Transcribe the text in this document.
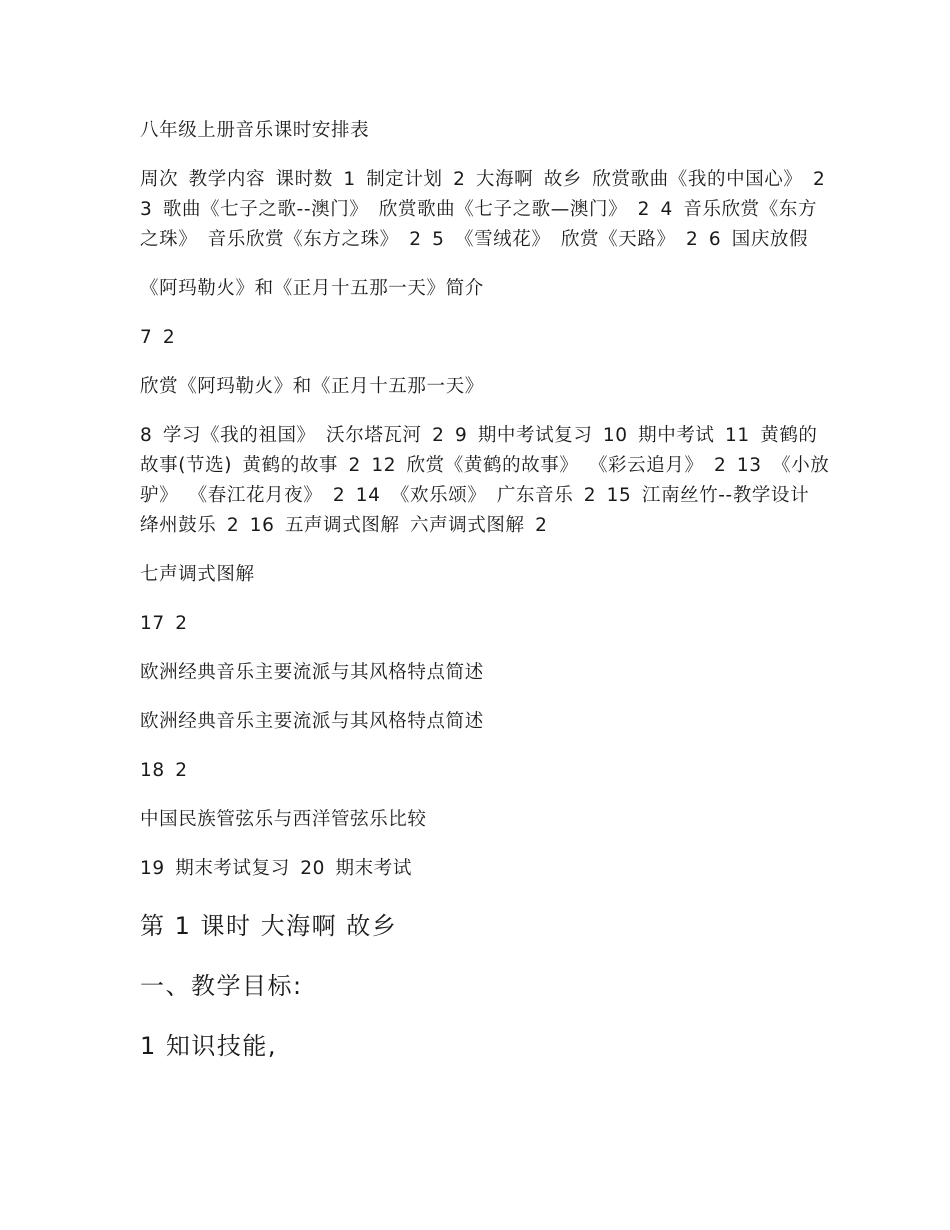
八年级上册音乐课时安排表

周次 教学内容 课时数 1 制定计划 2 大海啊 故乡 欣赏歌曲《我的中国心》 2 3 歌曲《七子之歌--澳门》 欣赏歌曲《七子之歌—澳门》 2 4 音乐欣赏《东方之珠》 音乐欣赏《东方之珠》 2 5 《雪绒花》 欣赏《天路》 2 6 国庆放假

《阿玛勒火》和《正月十五那一天》简介

7 2

欣赏《阿玛勒火》和《正月十五那一天》

8 学习《我的祖国》 沃尔塔瓦河 2 9 期中考试复习 10 期中考试 11 黄鹤的故事(节选) 黄鹤的故事 2 12 欣赏《黄鹤的故事》 《彩云追月》 2 13 《小放驴》 《春江花月夜》 2 14 《欢乐颂》 广东音乐 2 15 江南丝竹--教学设计 绛州鼓乐 2 16 五声调式图解 六声调式图解 2

七声调式图解

17 2

欧洲经典音乐主要流派与其风格特点简述

欧洲经典音乐主要流派与其风格特点简述

18 2

中国民族管弦乐与西洋管弦乐比较

19 期末考试复习 20 期末考试

第 1 课时 大海啊 故乡

一、教学目标:

1 知识技能,
